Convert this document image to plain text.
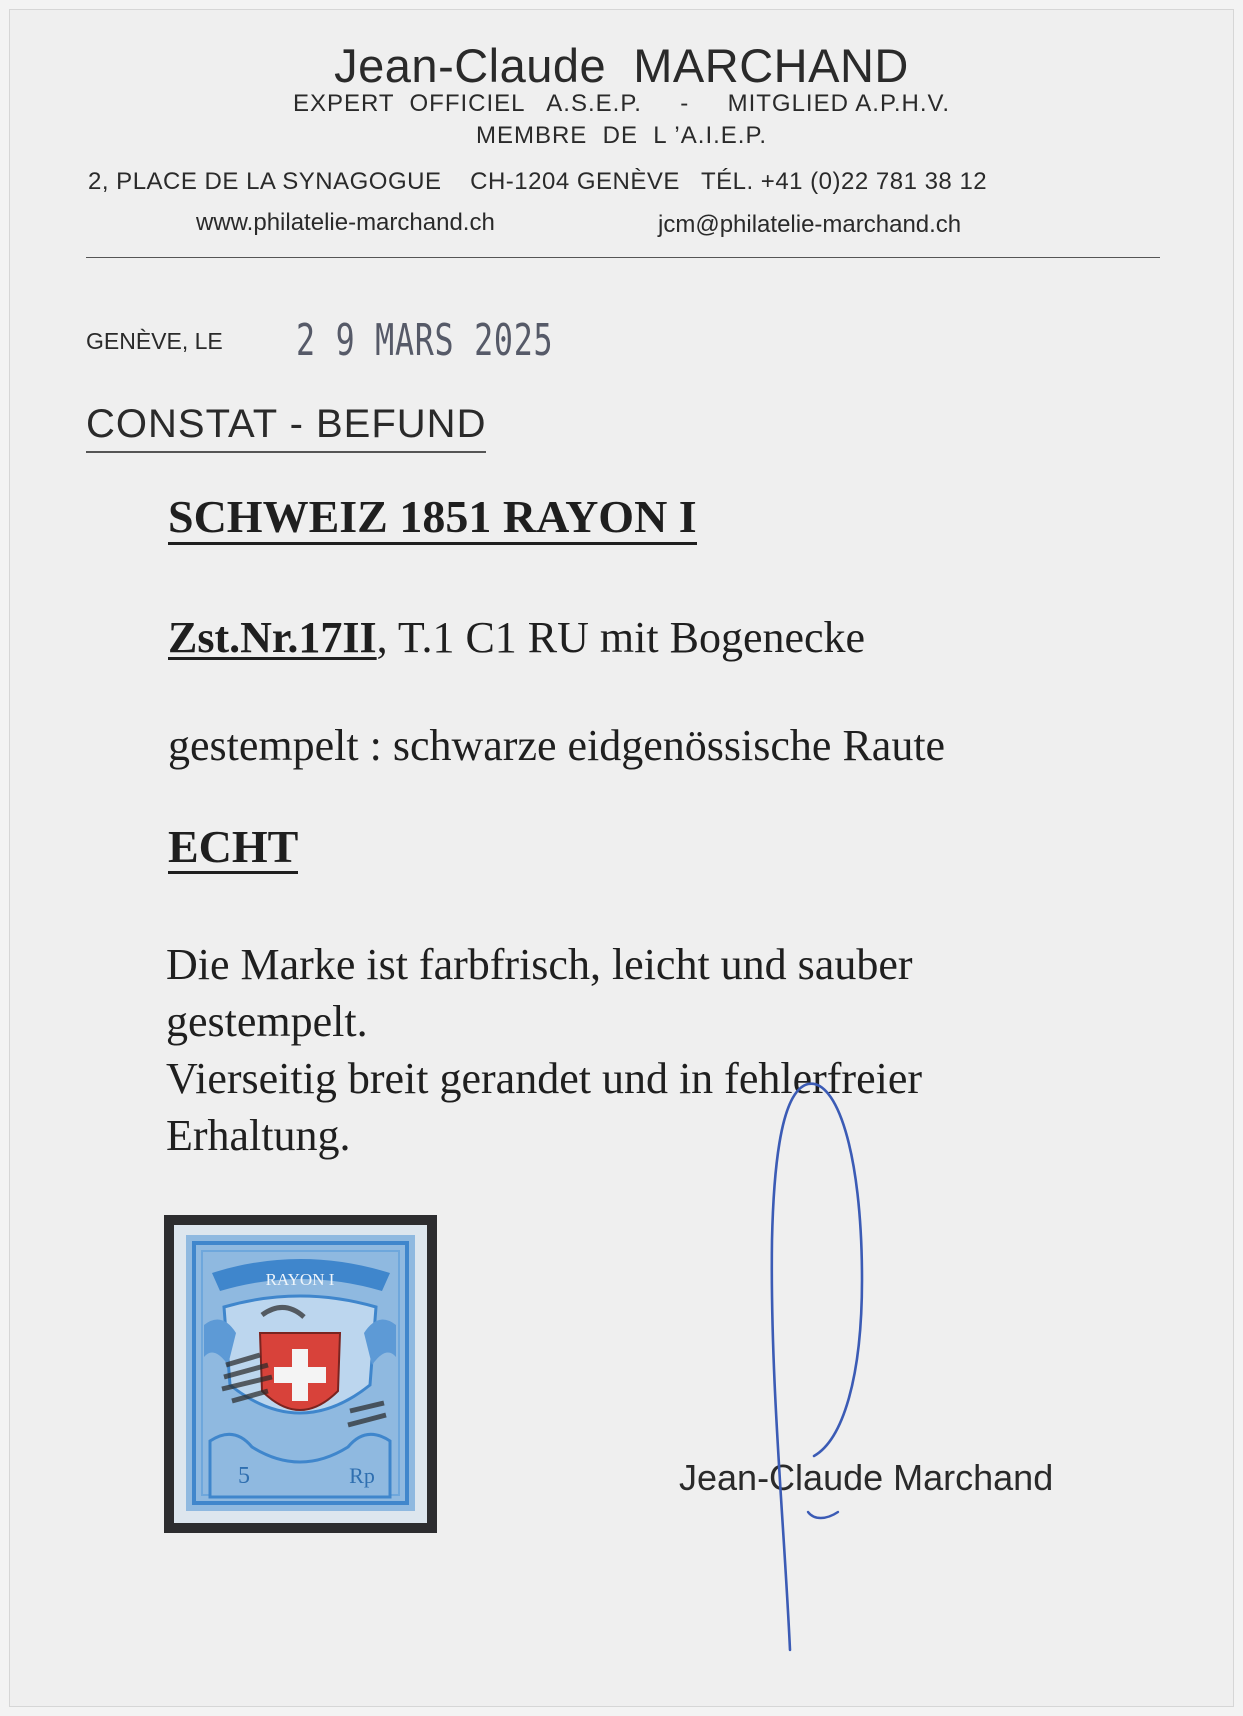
Jean-Claude  MARCHAND
EXPERT  OFFICIEL   A.S.E.P.     -     MITGLIED A.P.H.V.
MEMBRE  DE  L ’A.I.E.P.
2, PLACE DE LA SYNAGOGUE    CH-1204 GENÈVE   TÉL. +41 (0)22 781 38 12
www.philatelie-marchand.ch	jcm@philatelie-marchand.ch
GENÈVE, LE 2 9 MARS 2025
CONSTAT - BEFUND
SCHWEIZ 1851 RAYON I
Zst.Nr.17II, T.1 C1 RU mit Bogenecke
gestempelt : schwarze eidgenössische Raute
ECHT
Die Marke ist farbfrisch, leicht und sauber
gestempelt.
Vierseitig breit gerandet und in fehlerfreier
Erhaltung.
RAYON I
5	Rp	Jean-Claude Marchand
